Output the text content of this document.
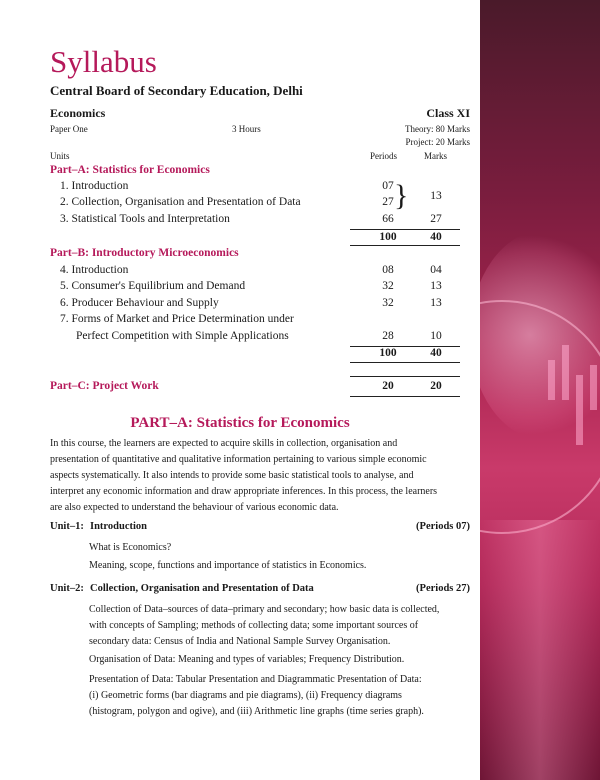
Syllabus
Central Board of Secondary Education, Delhi
Economics	Class XI
Paper One	3 Hours	Theory: 80 Marks
Project: 20 Marks
Units	Periods	Marks
Part–A: Statistics for Economics
1. Introduction	07
2. Collection, Organisation and Presentation of Data	27 }	13
3. Statistical Tools and Interpretation	66	27
100	40
Part–B: Introductory Microeconomics
4. Introduction	08	04
5. Consumer's Equilibrium and Demand	32	13
6. Producer Behaviour and Supply	32	13
7. Forms of Market and Price Determination under
Perfect Competition with Simple Applications	28	10
100	40
Part–C: Project Work	20	20
PART–A: Statistics for Economics
In this course, the learners are expected to acquire skills in collection, organisation and
presentation of quantitative and qualitative information pertaining to various simple economic
aspects systematically. It also intends to provide some basic statistical tools to analyse, and
interpret any economic information and draw appropriate inferences. In this process, the learners
are also expected to understand the behaviour of various economic data.
Unit–1: Introduction	(Periods 07)
What is Economics?
Meaning, scope, functions and importance of statistics in Economics.
Unit–2: Collection, Organisation and Presentation of Data	(Periods 27)
Collection of Data–sources of data–primary and secondary; how basic data is collected,
with concepts of Sampling; methods of collecting data; some important sources of
secondary data: Census of India and National Sample Survey Organisation.
Organisation of Data: Meaning and types of variables; Frequency Distribution.
Presentation of Data: Tabular Presentation and Diagrammatic Presentation of Data:
(i) Geometric forms (bar diagrams and pie diagrams), (ii) Frequency diagrams
(histogram, polygon and ogive), and (iii) Arithmetic line graphs (time series graph).
